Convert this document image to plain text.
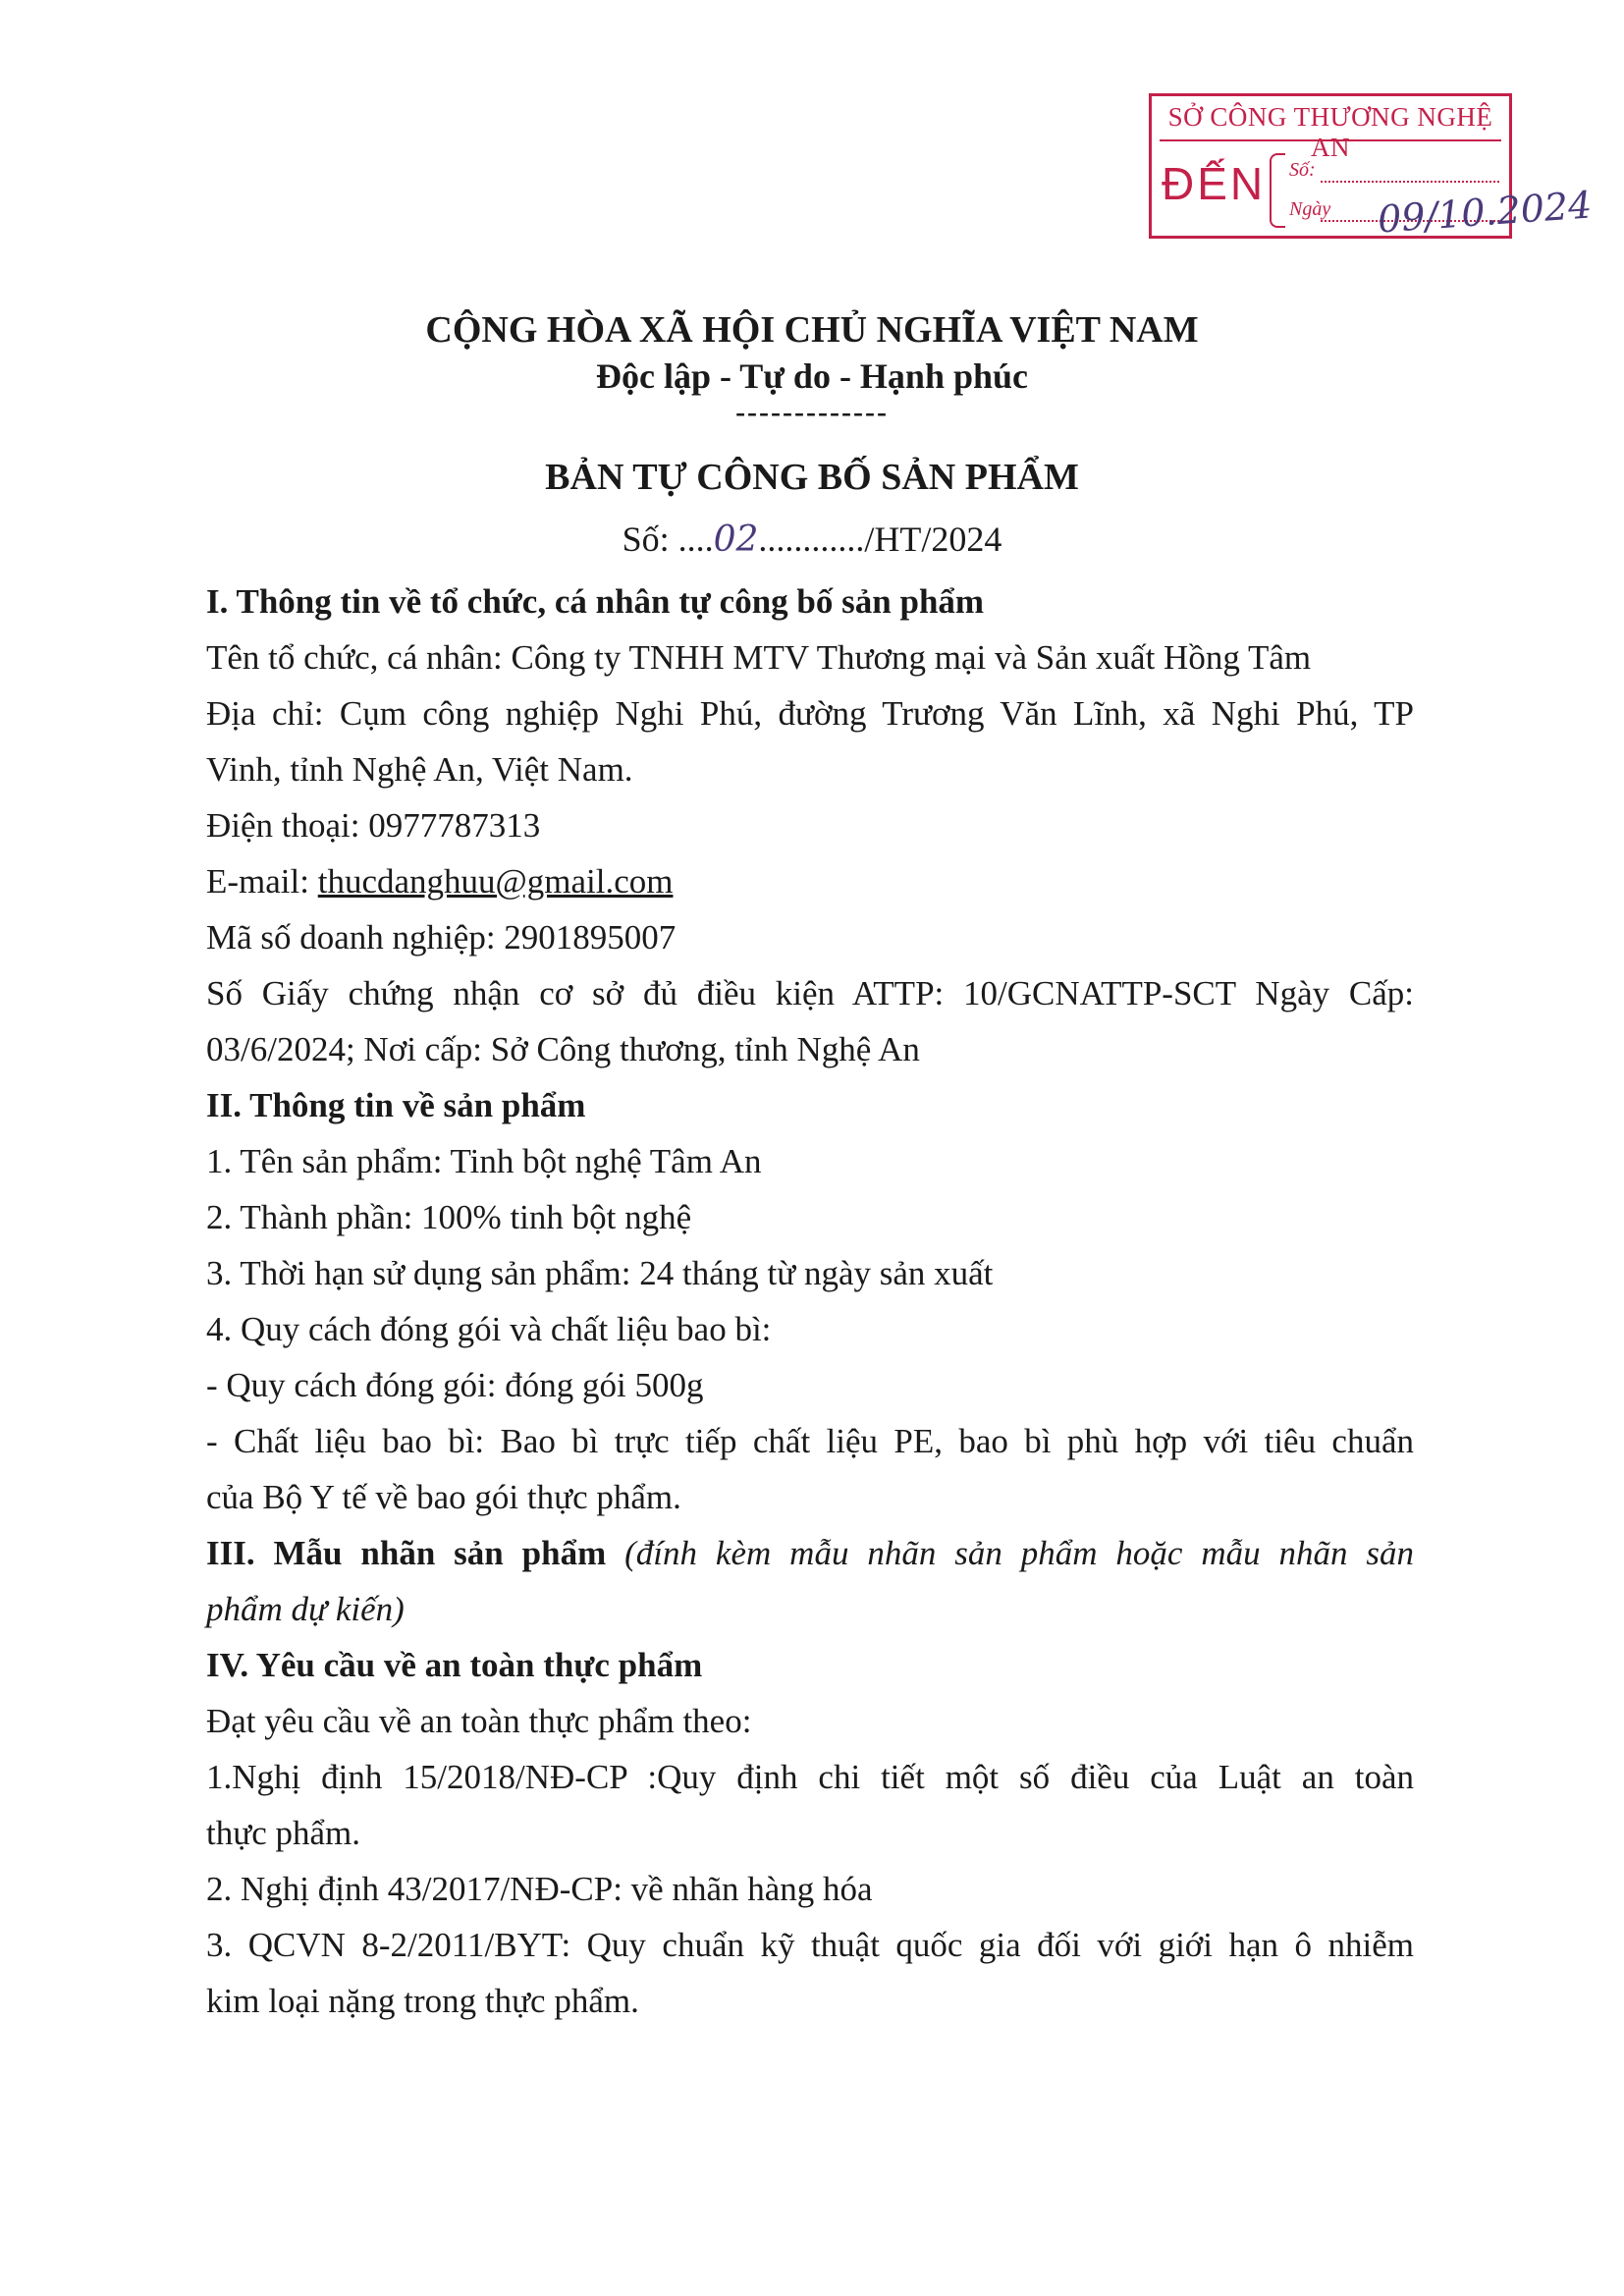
SỞ CÔNG THƯƠNG NGHỆ AN
ĐẾN Số:
Ngày 09/10.2024
CỘNG HÒA XÃ HỘI CHỦ NGHĨA VIỆT NAM
Độc lập - Tự do - Hạnh phúc
-------------
BẢN TỰ CÔNG BỐ SẢN PHẨM
Số: ....02............/HT/2024
I. Thông tin về tổ chức, cá nhân tự công bố sản phẩm
Tên tổ chức, cá nhân: Công ty TNHH MTV Thương mại và Sản xuất Hồng Tâm
Địa chỉ: Cụm công nghiệp Nghi Phú, đường Trương Văn Lĩnh, xã Nghi Phú, TP
Vinh, tỉnh Nghệ An, Việt Nam.
Điện thoại: 0977787313
E-mail: thucdanghuu@gmail.com
Mã số doanh nghiệp: 2901895007
Số Giấy chứng nhận cơ sở đủ điều kiện ATTP: 10/GCNATTP-SCT Ngày Cấp:
03/6/2024; Nơi cấp: Sở Công thương, tỉnh Nghệ An
II. Thông tin về sản phẩm
1. Tên sản phẩm: Tinh bột nghệ Tâm An
2. Thành phần: 100% tinh bột nghệ
3. Thời hạn sử dụng sản phẩm: 24 tháng từ ngày sản xuất
4. Quy cách đóng gói và chất liệu bao bì:
- Quy cách đóng gói: đóng gói 500g
- Chất liệu bao bì: Bao bì trực tiếp chất liệu PE, bao bì phù hợp với tiêu chuẩn
của Bộ Y tế về bao gói thực phẩm.
III. Mẫu nhãn sản phẩm (đính kèm mẫu nhãn sản phẩm hoặc mẫu nhãn sản
phẩm dự kiến)
IV. Yêu cầu về an toàn thực phẩm
Đạt yêu cầu về an toàn thực phẩm theo:
1.Nghị định 15/2018/NĐ-CP :Quy định chi tiết một số điều của Luật an toàn
thực phẩm.
2. Nghị định 43/2017/NĐ-CP: về nhãn hàng hóa
3. QCVN 8-2/2011/BYT: Quy chuẩn kỹ thuật quốc gia đối với giới hạn ô nhiễm
kim loại nặng trong thực phẩm.
